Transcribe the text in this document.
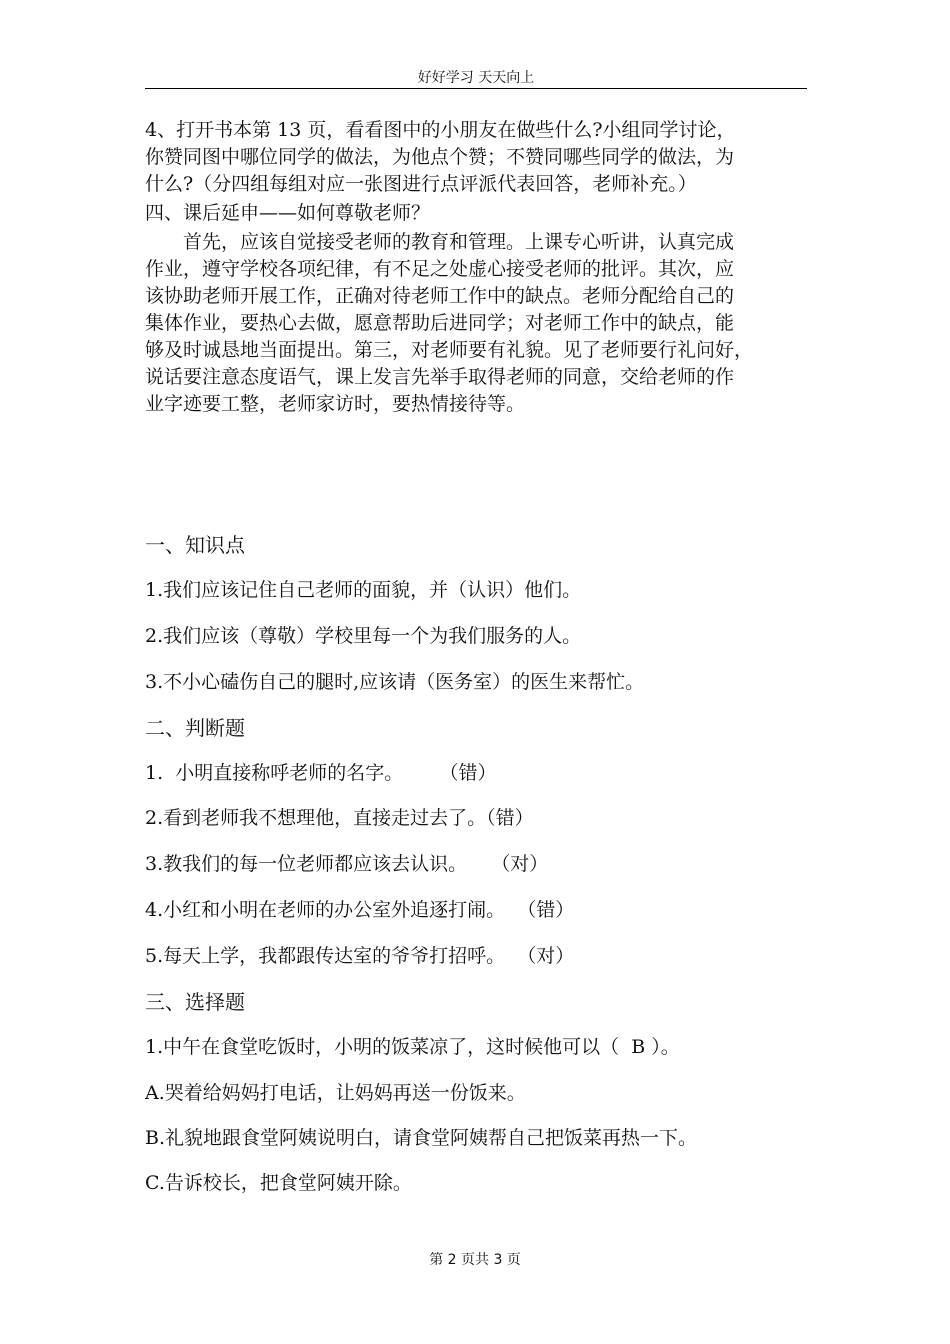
好好学习 天天向上
4、打开书本第 13 页，看看图中的小朋友在做些什么?小组同学讨论，
你赞同图中哪位同学的做法，为他点个赞；不赞同哪些同学的做法，为
什么?（分四组每组对应一张图进行点评派代表回答，老师补充。）
四、课后延申——如何尊敬老师？
首先，应该自觉接受老师的教育和管理。上课专心听讲，认真完成
作业，遵守学校各项纪律，有不足之处虚心接受老师的批评。其次，应
该协助老师开展工作，正确对待老师工作中的缺点。老师分配给自己的
集体作业，要热心去做，愿意帮助后进同学；对老师工作中的缺点，能
够及时诚恳地当面提出。第三，对老师要有礼貌。见了老师要行礼问好，
说话要注意态度语气，课上发言先举手取得老师的同意，交给老师的作
业字迹要工整，老师家访时，要热情接待等。
一、知识点
1.我们应该记住自己老师的面貌，并（认识）他们。
2.我们应该（尊敬）学校里每一个为我们服务的人。
3.不小心磕伤自己的腿时,应该请（医务室）的医生来帮忙。
二、判断题
1.  小明直接称呼老师的名字。      （错）
2.看到老师我不想理他，直接走过去了。（错）
3.教我们的每一位老师都应该去认识。    （对）
4.小红和小明在老师的办公室外追逐打闹。  （错）
5.每天上学，我都跟传达室的爷爷打招呼。  （对）
三、选择题
1.中午在食堂吃饭时，小明的饭菜凉了，这时候他可以（  B ）。
A.哭着给妈妈打电话，让妈妈再送一份饭来。
B.礼貌地跟食堂阿姨说明白，请食堂阿姨帮自己把饭菜再热一下。
C.告诉校长，把食堂阿姨开除。
第 2 页共 3 页
